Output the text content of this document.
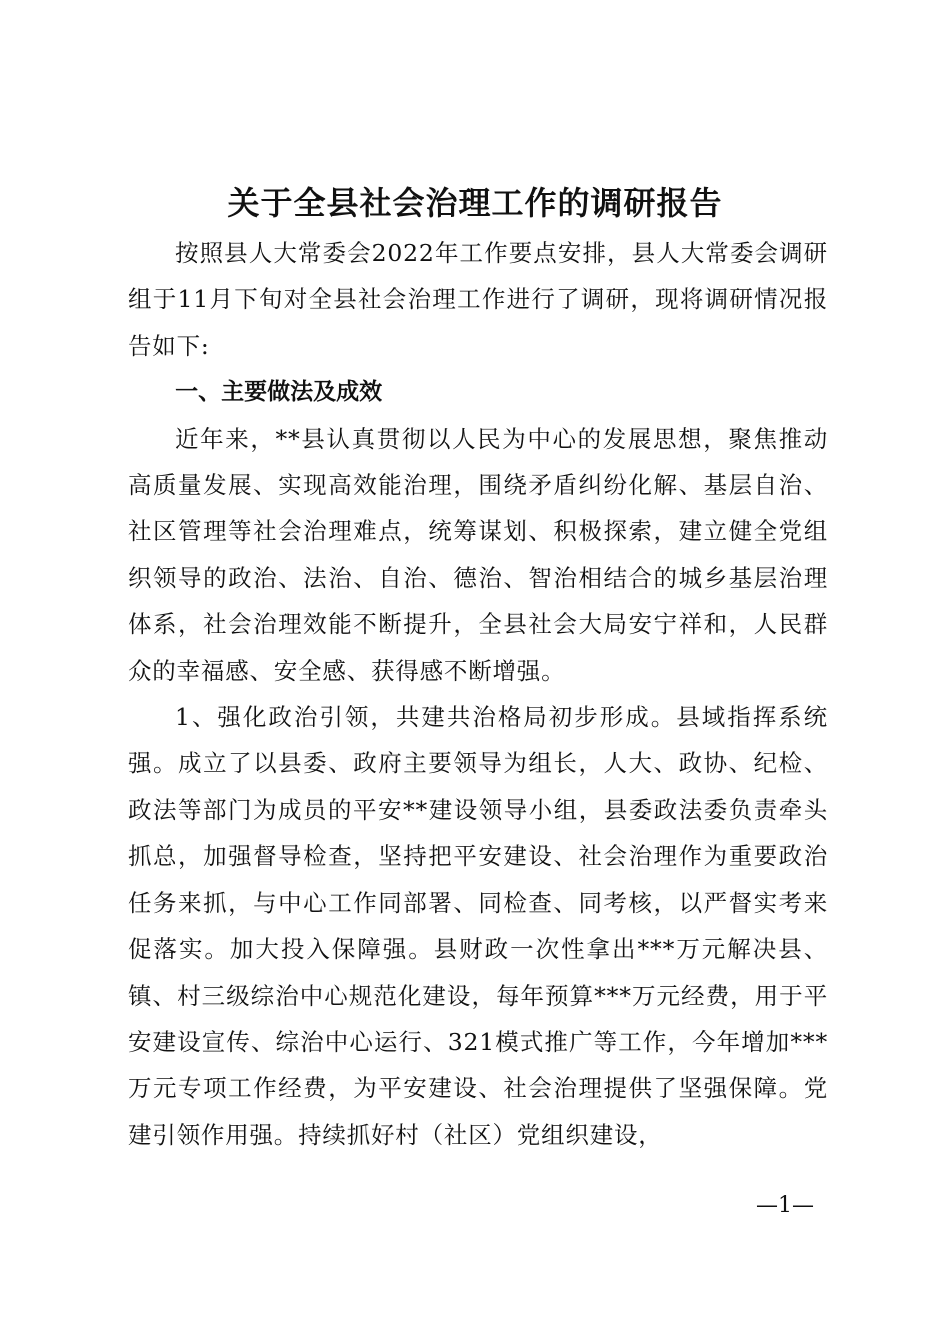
关于全县社会治理工作的调研报告

按照县人大常委会2022年工作要点安排，县人大常委会调研组于11月下旬对全县社会治理工作进行了调研，现将调研情况报告如下:

一、主要做法及成效

近年来，**县认真贯彻以人民为中心的发展思想，聚焦推动高质量发展、实现高效能治理，围绕矛盾纠纷化解、基层自治、社区管理等社会治理难点，统筹谋划、积极探索，建立健全党组织领导的政治、法治、自治、德治、智治相结合的城乡基层治理体系，社会治理效能不断提升，全县社会大局安宁祥和，人民群众的幸福感、安全感、获得感不断增强。

1、强化政治引领，共建共治格局初步形成。县域指挥系统强。成立了以县委、政府主要领导为组长，人大、政协、纪检、政法等部门为成员的平安**建设领导小组，县委政法委负责牵头抓总，加强督导检查，坚持把平安建设、社会治理作为重要政治任务来抓，与中心工作同部署、同检查、同考核，以严督实考来促落实。加大投入保障强。县财政一次性拿出***万元解决县、镇、村三级综治中心规范化建设，每年预算***万元经费，用于平安建设宣传、综治中心运行、321模式推广等工作，今年增加***万元专项工作经费，为平安建设、社会治理提供了坚强保障。党建引领作用强。持续抓好村（社区）党组织建设，

—1—
